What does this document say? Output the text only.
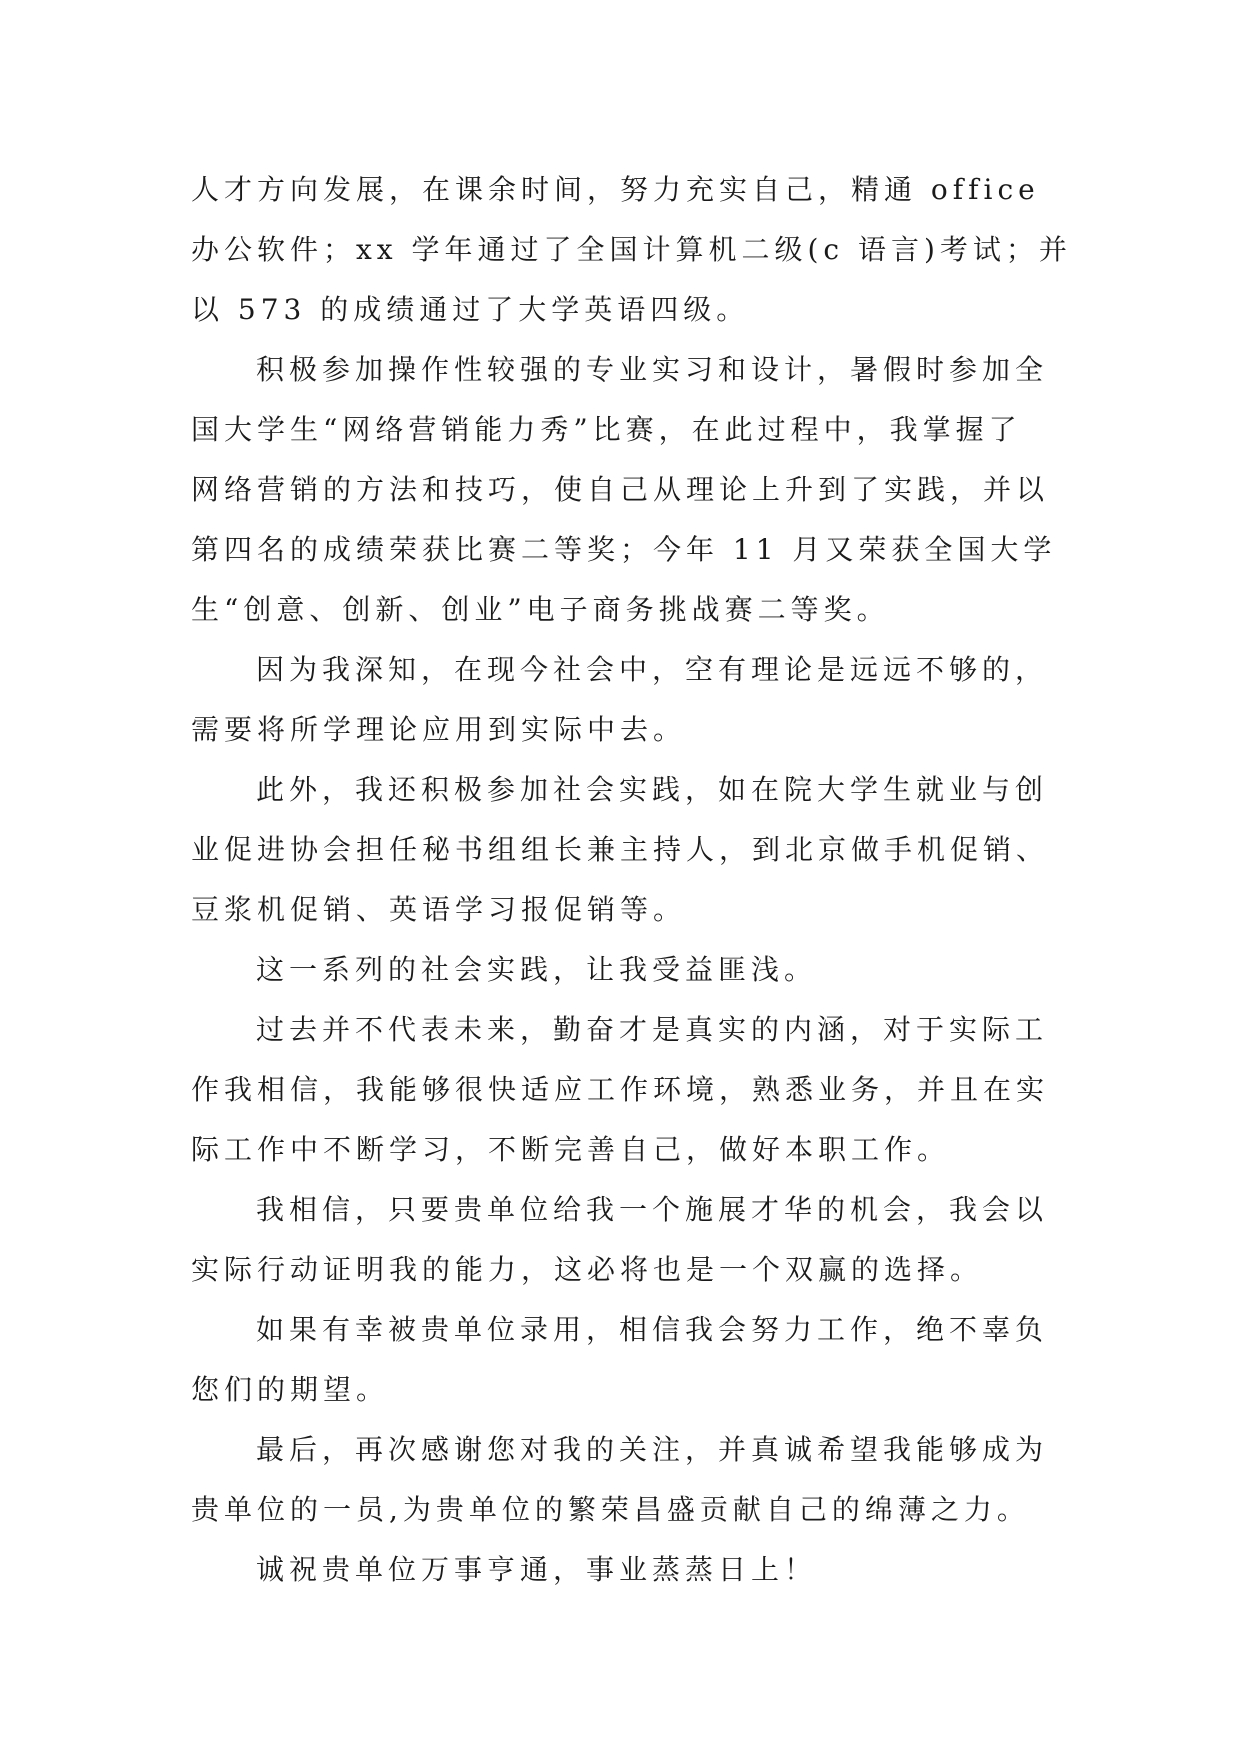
人才方向发展，在课余时间，努力充实自己，精通 office
办公软件；xx 学年通过了全国计算机二级(c 语言)考试；并
以 573 的成绩通过了大学英语四级。
积极参加操作性较强的专业实习和设计，暑假时参加全
国大学生“网络营销能力秀”比赛，在此过程中，我掌握了
网络营销的方法和技巧，使自己从理论上升到了实践，并以
第四名的成绩荣获比赛二等奖；今年 11 月又荣获全国大学
生“创意、创新、创业”电子商务挑战赛二等奖。
因为我深知，在现今社会中，空有理论是远远不够的，
需要将所学理论应用到实际中去。
此外，我还积极参加社会实践，如在院大学生就业与创
业促进协会担任秘书组组长兼主持人，到北京做手机促销、
豆浆机促销、英语学习报促销等。
这一系列的社会实践，让我受益匪浅。
过去并不代表未来，勤奋才是真实的内涵，对于实际工
作我相信，我能够很快适应工作环境，熟悉业务，并且在实
际工作中不断学习，不断完善自己，做好本职工作。
我相信，只要贵单位给我一个施展才华的机会，我会以
实际行动证明我的能力，这必将也是一个双赢的选择。
如果有幸被贵单位录用，相信我会努力工作，绝不辜负
您们的期望。
最后，再次感谢您对我的关注，并真诚希望我能够成为
贵单位的一员,为贵单位的繁荣昌盛贡献自己的绵薄之力。
诚祝贵单位万事亨通，事业蒸蒸日上！
